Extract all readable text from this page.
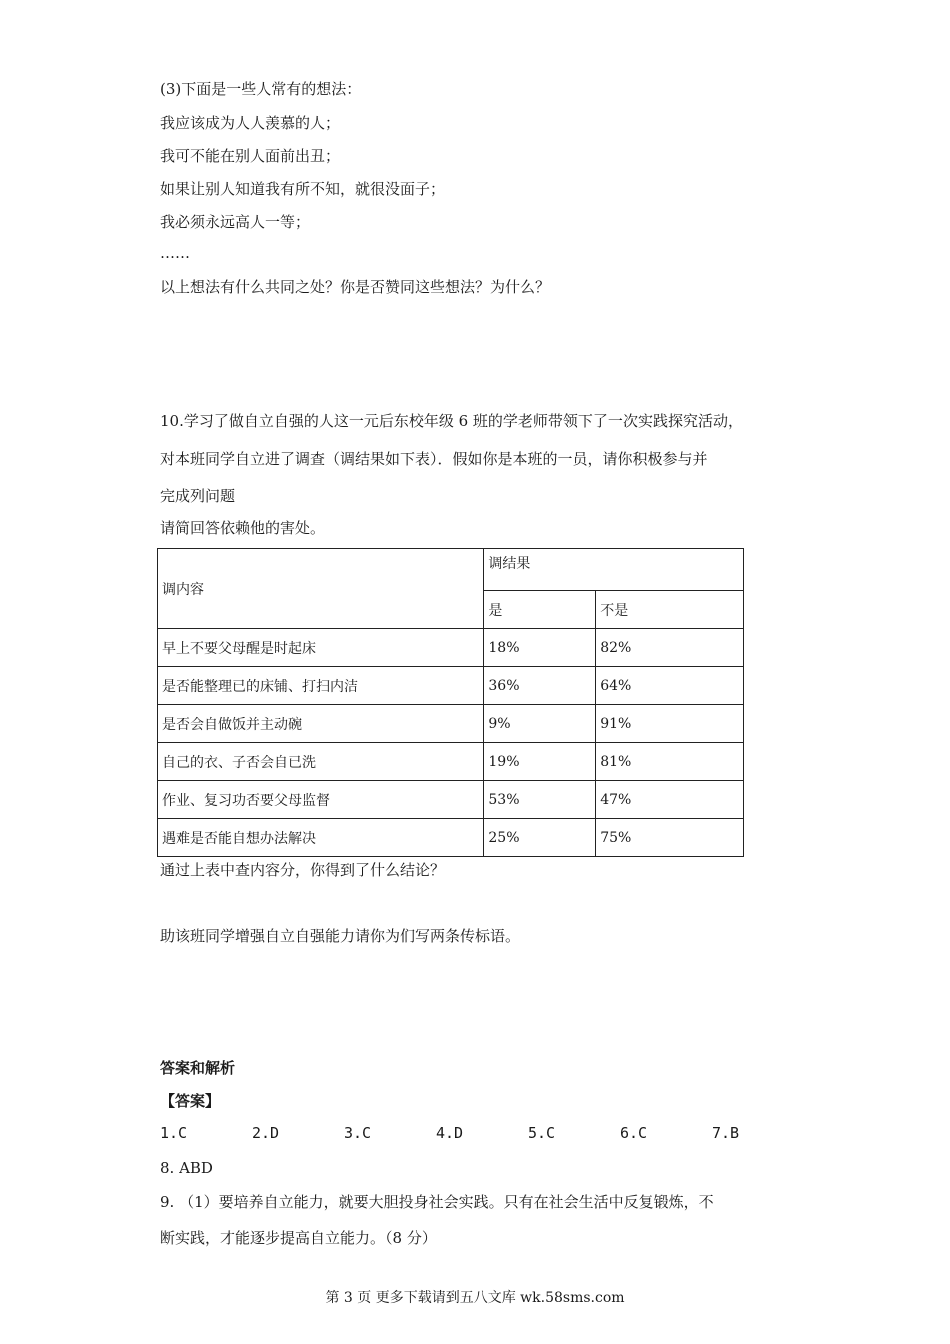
(3)下面是一些人常有的想法：
我应该成为人人羡慕的人；
我可不能在别人面前出丑；
如果让别人知道我有所不知，就很没面子；
我必须永远高人一等；
……
以上想法有什么共同之处？你是否赞同这些想法？为什么？
10.学习了做自立自强的人这一元后东校年级 6 班的学老师带领下了一次实践探究活动，
对本班同学自立进了调查（调结果如下表）．假如你是本班的一员，请你积极参与并
完成列问题
请简回答依赖他的害处。
调内容	调结果	
	是	不是
早上不要父母醒是时起床	18%	82%
是否能整理已的床铺、打扫内洁	36%	64%
是否会自做饭并主动碗	9%	91%
自己的衣、子否会自已洗	19%	81%
作业、复习功否要父母监督	53%	47%
遇难是否能自想办法解决	25%	75%
通过上表中查内容分，你得到了什么结论？
助该班同学增强自立自强能力请你为们写两条传标语。
答案和解析
【答案】
1.C	2.D	3.C	4.D	5.C	6.C	7.B
8. ABD
9. （1）要培养自立能力，就要大胆投身社会实践。只有在社会生活中反复锻炼，不
断实践，才能逐步提高自立能力。（8 分）
第 3 页 更多下载请到五八文库 wk.58sms.com
